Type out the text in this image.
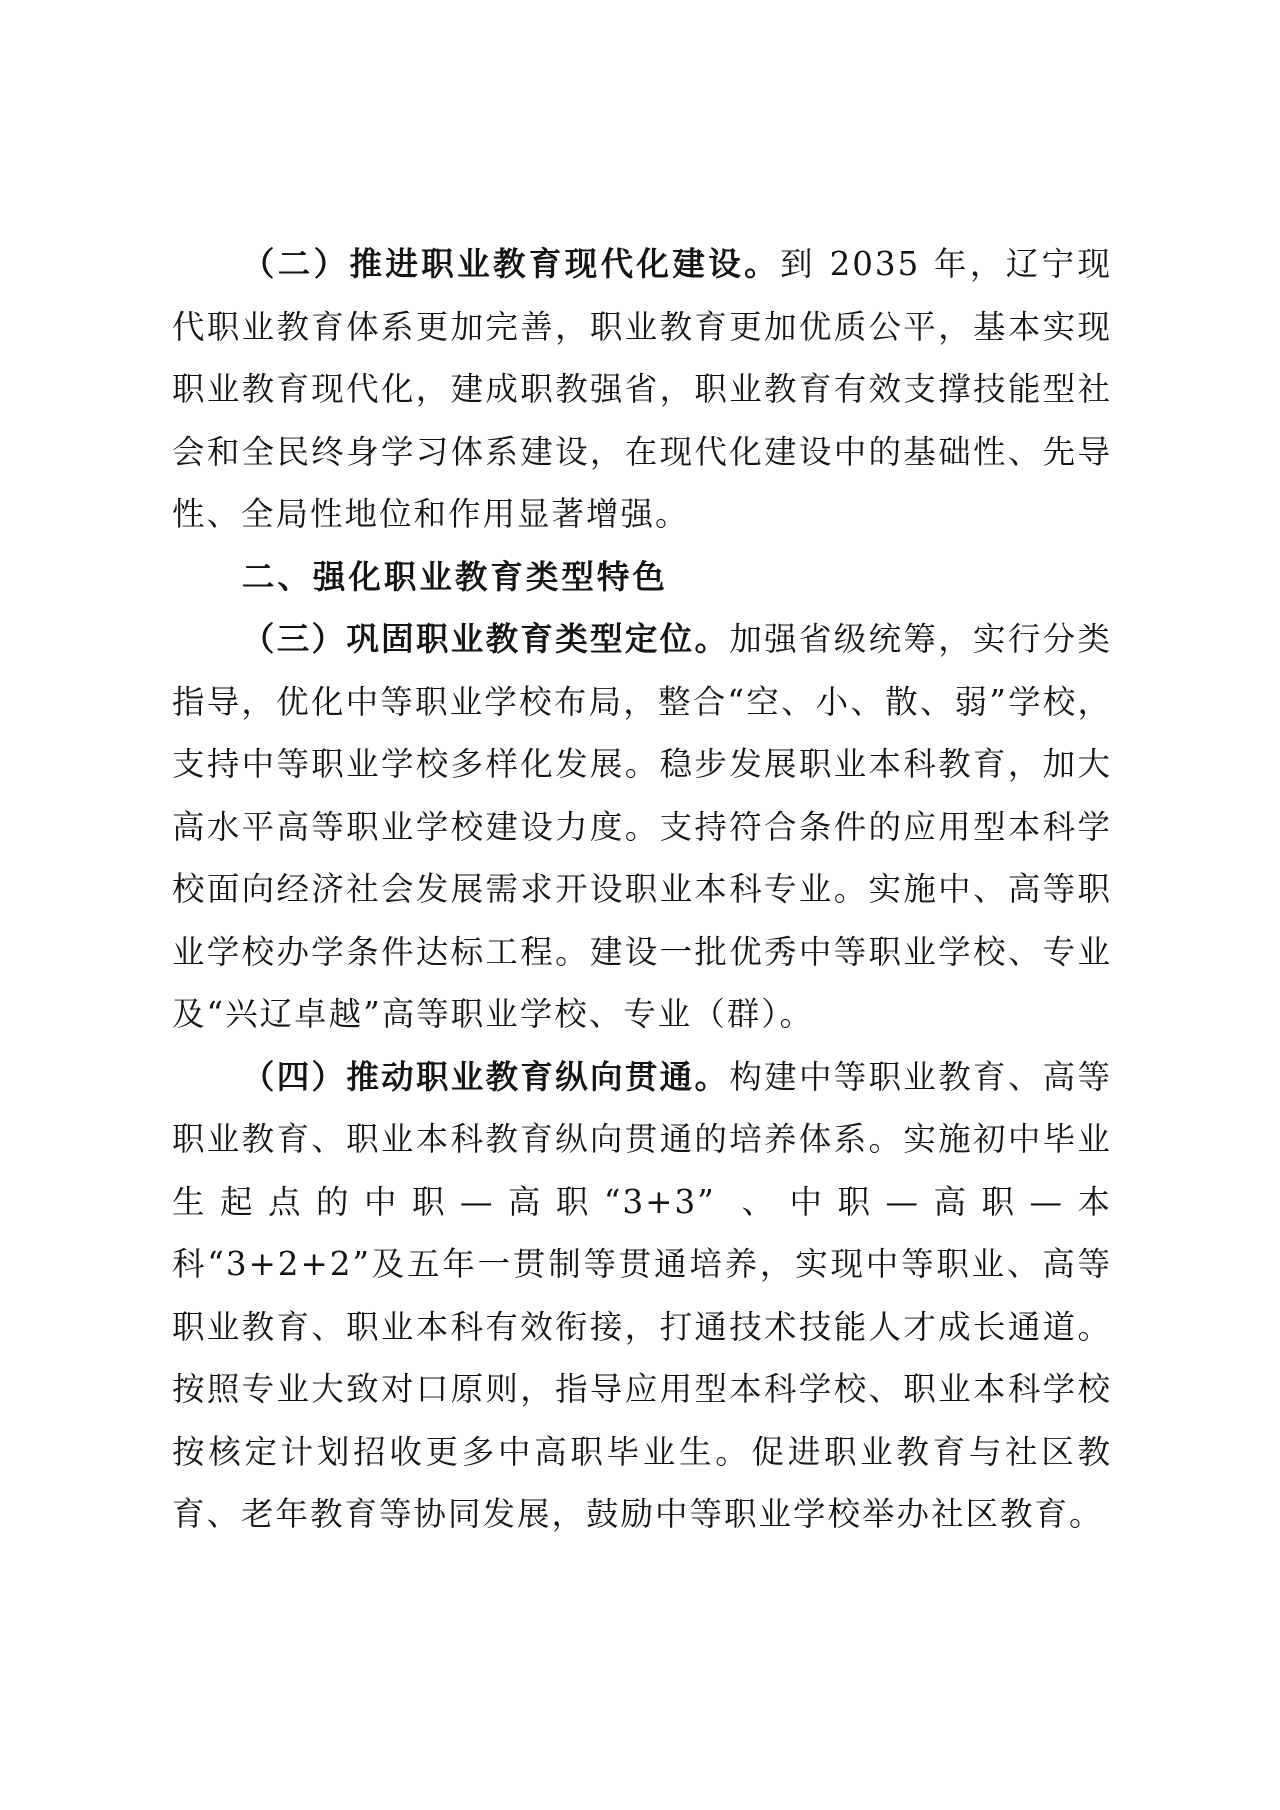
（二）推进职业教育现代化建设。到 2035 年，辽宁现代职业教育体系更加完善，职业教育更加优质公平，基本实现职业教育现代化，建成职教强省，职业教育有效支撑技能型社会和全民终身学习体系建设，在现代化建设中的基础性、先导性、全局性地位和作用显著增强。

二、强化职业教育类型特色

（三）巩固职业教育类型定位。加强省级统筹，实行分类指导，优化中等职业学校布局，整合“空、小、散、弱”学校，支持中等职业学校多样化发展。稳步发展职业本科教育，加大高水平高等职业学校建设力度。支持符合条件的应用型本科学校面向经济社会发展需求开设职业本科专业。实施中、高等职业学校办学条件达标工程。建设一批优秀中等职业学校、专业及“兴辽卓越”高等职业学校、专业（群）。

（四）推动职业教育纵向贯通。构建中等职业教育、高等职业教育、职业本科教育纵向贯通的培养体系。实施初中毕业生起点的中职—高职“3+3” 、中职—高职—本科“3+2+2”及五年一贯制等贯通培养，实现中等职业、高等职业教育、职业本科有效衔接，打通技术技能人才成长通道。按照专业大致对口原则，指导应用型本科学校、职业本科学校按核定计划招收更多中高职毕业生。促进职业教育与社区教育、老年教育等协同发展，鼓励中等职业学校举办社区教育。
